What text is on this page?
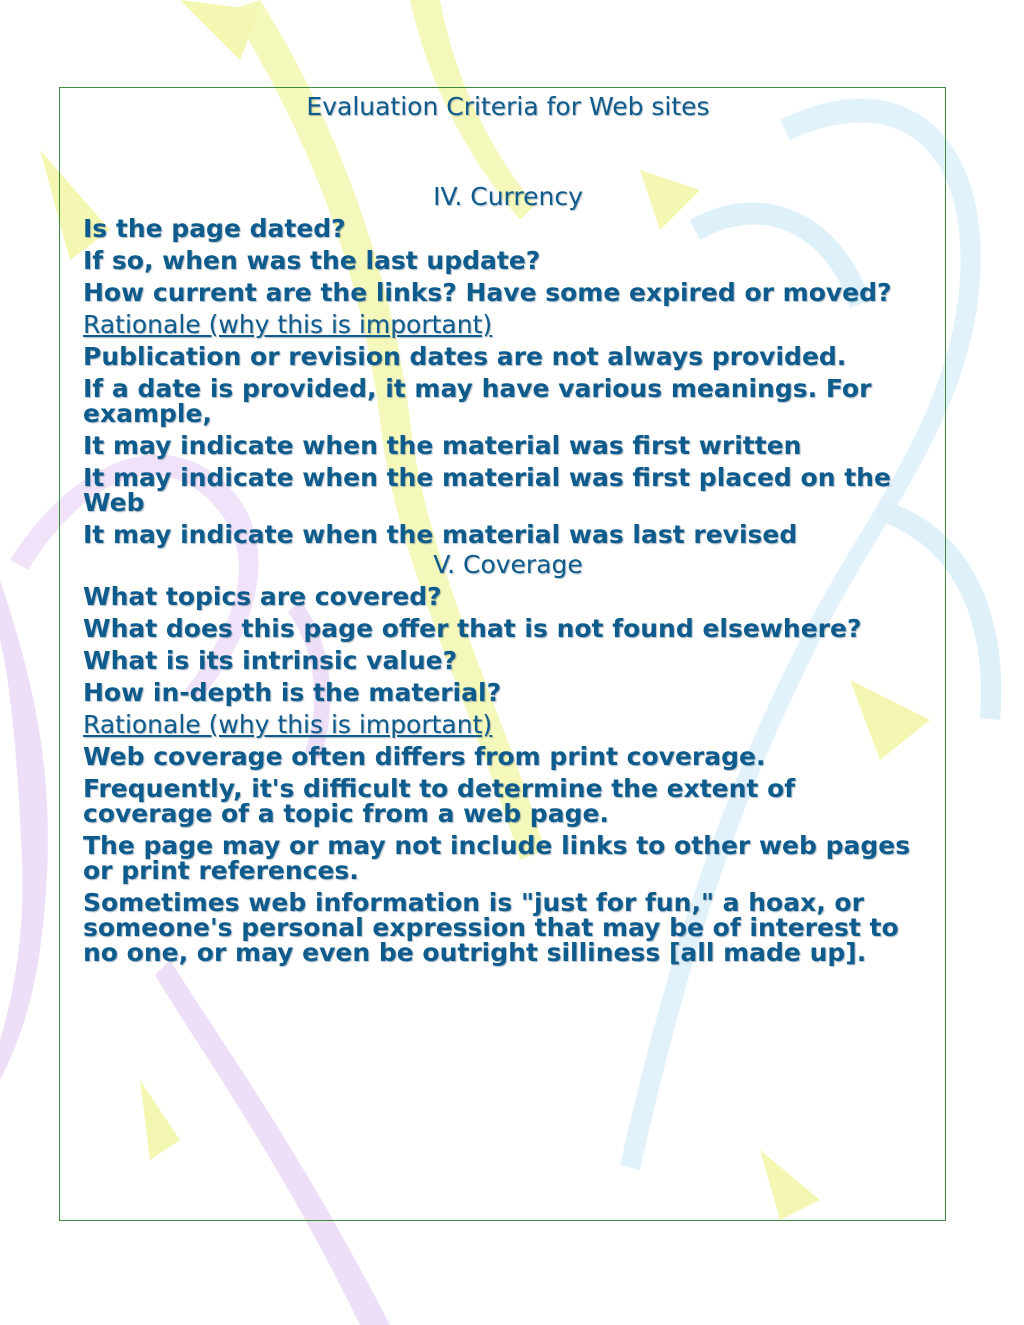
Evaluation Criteria for Web sites
IV. Currency

Is the page dated?

If so, when was the last update?

How current are the links? Have some expired or moved?

Rationale (why this is important)

Publication or revision dates are not always provided.

If a date is provided, it may have various meanings. For example,

It may indicate when the material was first written

It may indicate when the material was first placed on the Web

It may indicate when the material was last revised

V. Coverage

What topics are covered?

What does this page offer that is not found elsewhere?

What is its intrinsic value?

How in-depth is the material?

Rationale (why this is important)

Web coverage often differs from print coverage.

Frequently, it's difficult to determine the extent of coverage of a topic from a web page.

The page may or may not include links to other web pages or print references.

Sometimes web information is "just for fun," a hoax, or someone's personal expression that may be of interest to no one, or may even be outright silliness [all made up].
